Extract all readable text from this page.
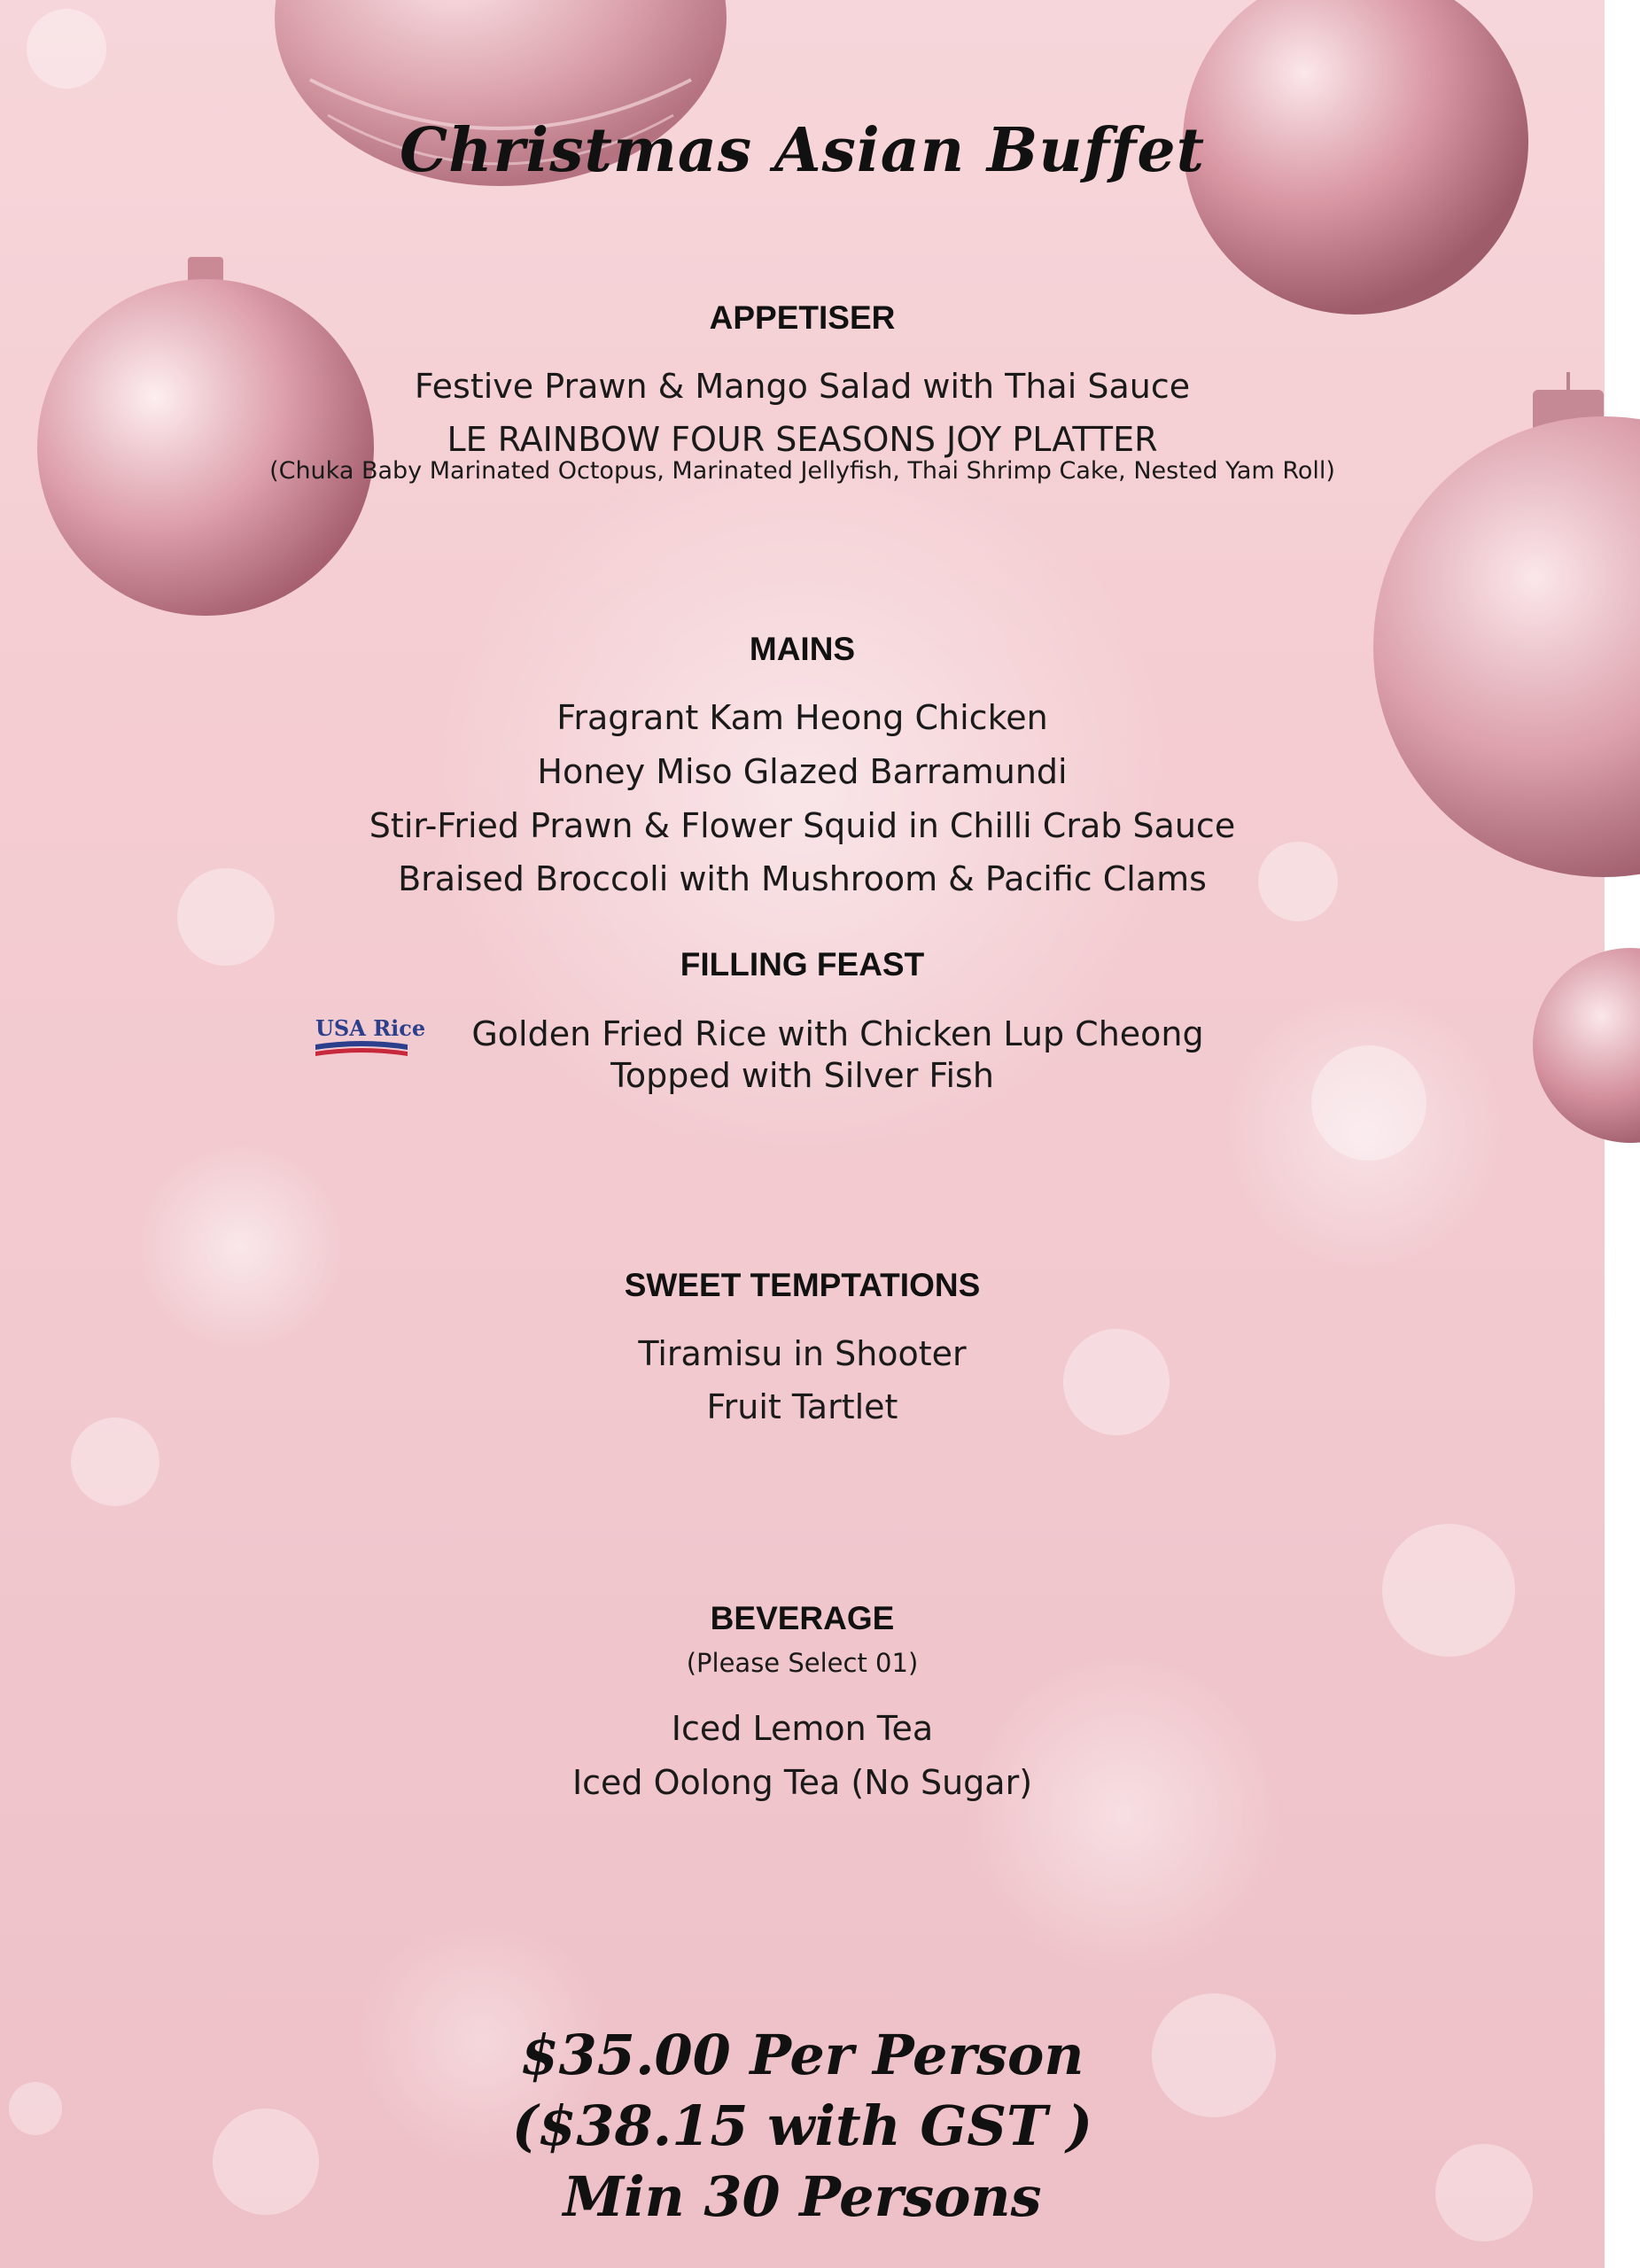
Christmas Asian Buffet
APPETISER
Festive Prawn & Mango Salad with Thai Sauce
LE RAINBOW FOUR SEASONS JOY PLATTER
(Chuka Baby Marinated Octopus, Marinated Jellyfish, Thai Shrimp Cake, Nested Yam Roll)
MAINS
Fragrant Kam Heong Chicken
Honey Miso Glazed Barramundi
Stir-Fried Prawn & Flower Squid in Chilli Crab Sauce
Braised Broccoli with Mushroom & Pacific Clams
FILLING FEAST
USA Rice	Golden Fried Rice with Chicken Lup Cheong
Topped with Silver Fish
SWEET TEMPTATIONS
Tiramisu in Shooter
Fruit Tartlet
BEVERAGE
(Please Select 01)
Iced Lemon Tea
Iced Oolong Tea (No Sugar)
$35.00 Per Person
($38.15 with GST )
Min 30 Persons
